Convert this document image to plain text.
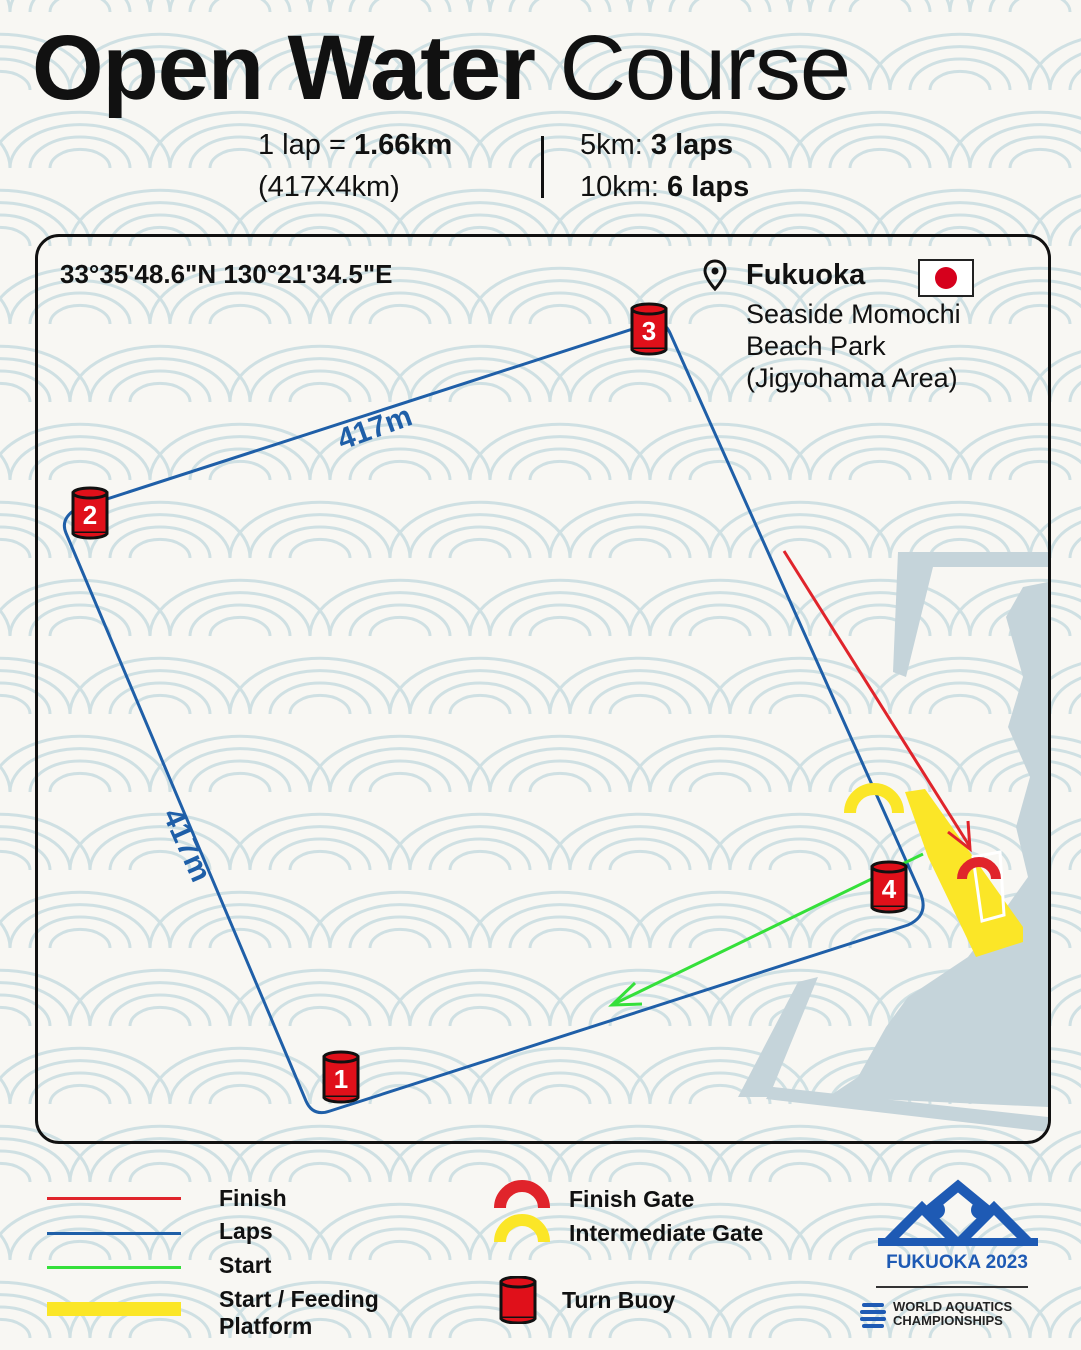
Open Water Course
1 lap = 1.66km
(417X4km)
5km: 3 laps
10km: 6 laps
417m
417m
1
2
3
4
33°35'48.6"N 130°21'34.5"E	Fukuoka
Seaside Momochi
Beach Park
(Jigyohama Area)
Finish
Laps
Start
Start / Feeding
Platform
Finish Gate
Intermediate Gate
Turn Buoy
FUKUOKA 2023
WORLD AQUATICS
CHAMPIONSHIPS
